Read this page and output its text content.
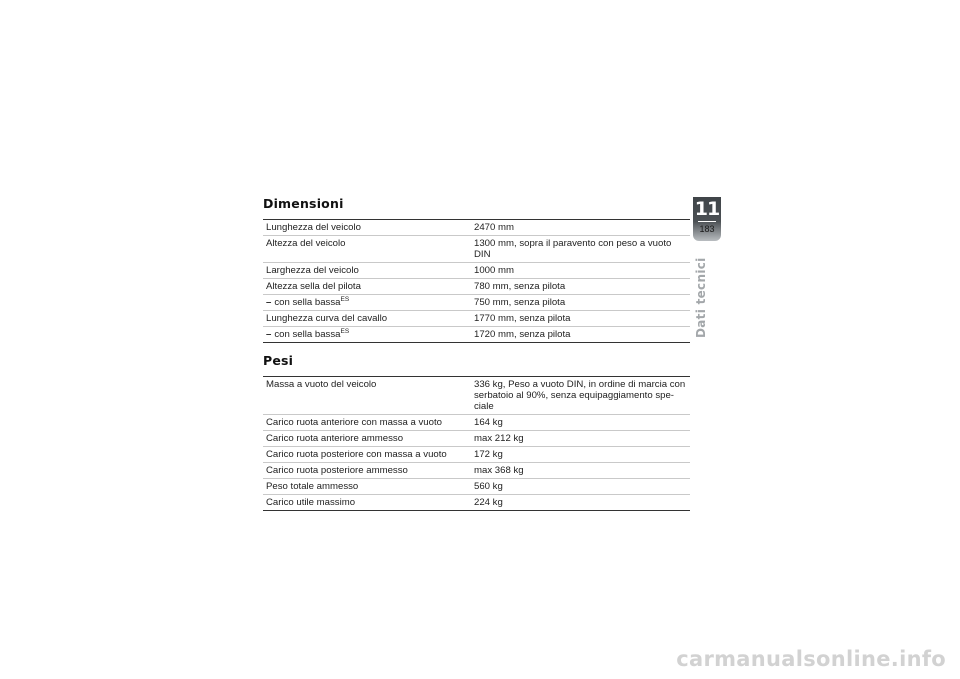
Dimensioni
Lunghezza del veicolo	2470 mm
Altezza del veicolo	1300 mm, sopra il paravento con peso a vuoto DIN
Larghezza del veicolo	1000 mm
Altezza sella del pilota	780 mm, senza pilota
– con sella bassa$^{ES}$	750 mm, senza pilota
Lunghezza curva del cavallo	1770 mm, senza pilota
– con sella bassa$^{ES}$	1720 mm, senza pilota
Pesi
Massa a vuoto del veicolo	336 kg, Peso a vuoto DIN, in ordine di marcia con serbatoio al 90%, senza equipaggiamento spe-ciale
Carico ruota anteriore con massa a vuoto	164 kg
Carico ruota anteriore ammesso	max 212 kg
Carico ruota posteriore con massa a vuoto	172 kg
Carico ruota posteriore ammesso	max 368 kg
Peso totale ammesso	560 kg
Carico utile massimo	224 kg
11
183
Dati tecnici
carmanualsonline.info
